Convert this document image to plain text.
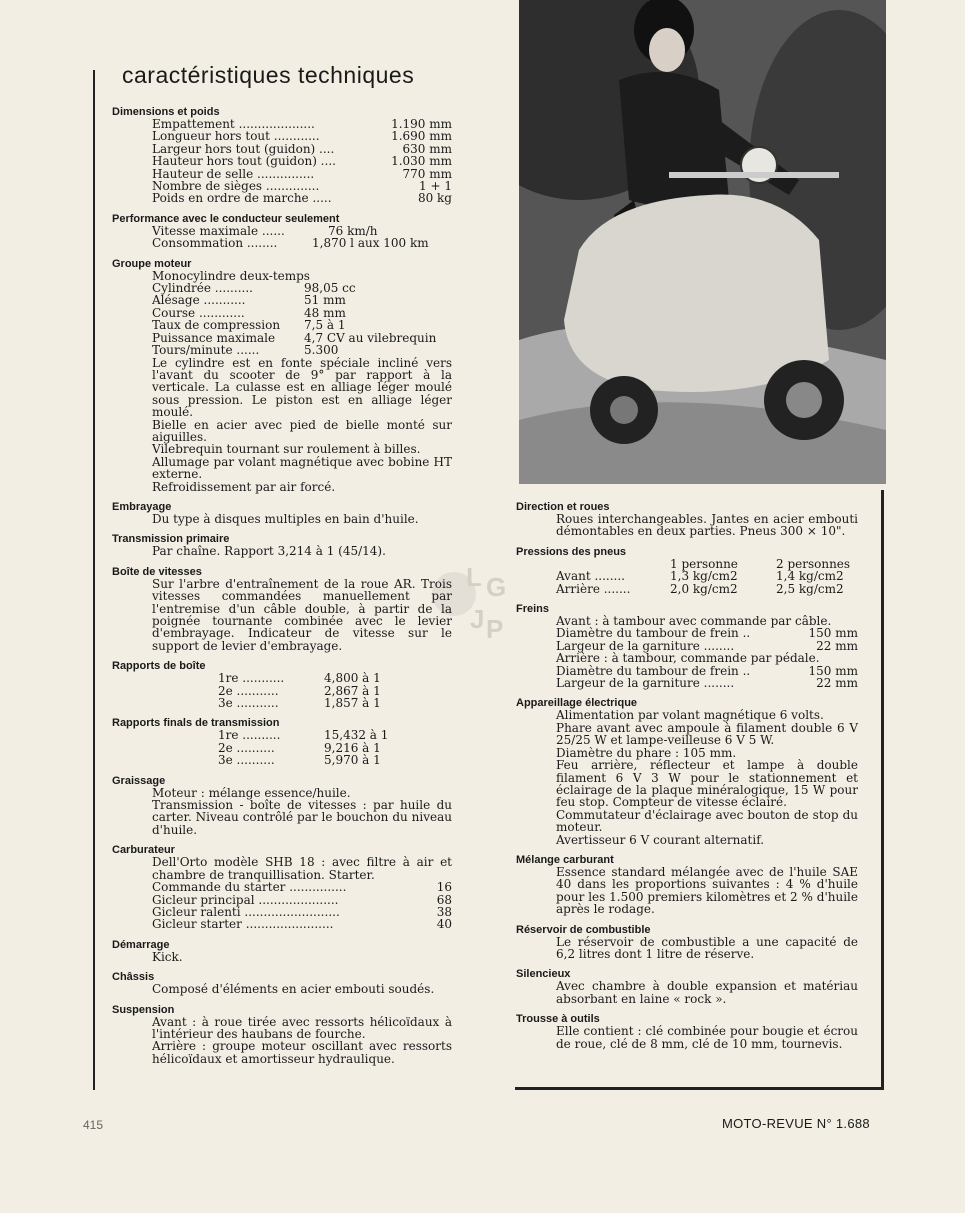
caractéristiques techniques
L G
J P
Dimensions et poids
Empattement ....................	1.190 mm
Longueur hors tout ............	1.690 mm
Largeur hors tout (guidon) ....	630 mm
Hauteur hors tout (guidon) ....	1.030 mm
Hauteur de selle ...............	770 mm
Nombre de sièges ..............	1 + 1
Poids en ordre de marche .....	80 kg
Performance avec le conducteur seulement
Vitesse maximale ......	76 km/h
Consommation ........	1,870 l aux 100 km
Groupe moteur
Monocylindre deux-temps
Cylindrée ..........	98,05 cc
Alésage ...........	51 mm
Course ............	48 mm
Taux de compression	7,5 à 1
Puissance maximale	4,7 CV au vilebrequin
Tours/minute ......	5.300
Le cylindre est en fonte spéciale incliné vers l'avant du scooter de 9° par rapport à la verticale. La culasse est en alliage léger moulé sous pression. Le piston est en alliage léger moulé.
Bielle en acier avec pied de bielle monté sur aiguilles.
Vilebrequin tournant sur roulement à billes.
Allumage par volant magnétique avec bobine HT externe.
Refroidissement par air forcé.
Embrayage
Du type à disques multiples en bain d'huile.
Transmission primaire
Par chaîne. Rapport 3,214 à 1 (45/14).
Boîte de vitesses
Sur l'arbre d'entraînement de la roue AR. Trois vitesses commandées manuellement par l'entremise d'un câble double, à partir de la poignée tournante combinée avec le levier d'embrayage. Indicateur de vitesse sur le support de levier d'embrayage.
Rapports de boîte
1re ...........	4,800 à 1
2e ...........	2,867 à 1
3e ...........	1,857 à 1
Rapports finals de transmission
1re ..........	15,432 à 1
2e ..........	9,216 à 1
3e ..........	5,970 à 1
Graissage
Moteur : mélange essence/huile.
Transmission - boîte de vitesses : par huile du carter. Niveau contrôlé par le bouchon du niveau d'huile.
Carburateur
Dell'Orto modèle SHB 18 : avec filtre à air et chambre de tranquillisation. Starter.
Commande du starter ...............	16
Gicleur principal .....................	68
Gicleur ralenti .........................	38
Gicleur starter .......................	40
Démarrage
Kick.
Châssis
Composé d'éléments en acier embouti soudés.
Suspension
Avant : à roue tirée avec ressorts hélicoïdaux à l'intérieur des haubans de fourche.
Arrière : groupe moteur oscillant avec ressorts hélicoïdaux et amortisseur hydraulique.
Direction et roues
Roues interchangeables. Jantes en acier embouti démontables en deux parties. Pneus 300 × 10".
Pressions des pneus
1 personne	2 personnes
Avant ........	1,3 kg/cm2	1,4 kg/cm2
Arrière .......	2,0 kg/cm2	2,5 kg/cm2
Freins
Avant : à tambour avec commande par câble.
Diamètre du tambour de frein ..	150 mm
Largeur de la garniture ........	22 mm
Arrière : à tambour, commande par pédale.
Diamètre du tambour de frein ..	150 mm
Largeur de la garniture ........	22 mm
Appareillage électrique
Alimentation par volant magnétique 6 volts.
Phare avant avec ampoule à filament double 6 V 25/25 W et lampe-veilleuse 6 V 5 W.
Diamètre du phare : 105 mm.
Feu arrière, réflecteur et lampe à double filament 6 V 3 W pour le stationnement et éclairage de la plaque minéralogique, 15 W pour feu stop. Compteur de vitesse éclairé.
Commutateur d'éclairage avec bouton de stop du moteur.
Avertisseur 6 V courant alternatif.
Mélange carburant
Essence standard mélangée avec de l'huile SAE 40 dans les proportions suivantes : 4 % d'huile pour les 1.500 premiers kilomètres et 2 % d'huile après le rodage.
Réservoir de combustible
Le réservoir de combustible a une capacité de 6,2 litres dont 1 litre de réserve.
Silencieux
Avec chambre à double expansion et matériau absorbant en laine « rock ».
Trousse à outils
Elle contient : clé combinée pour bougie et écrou de roue, clé de 8 mm, clé de 10 mm, tournevis.
415	MOTO-REVUE N° 1.688
